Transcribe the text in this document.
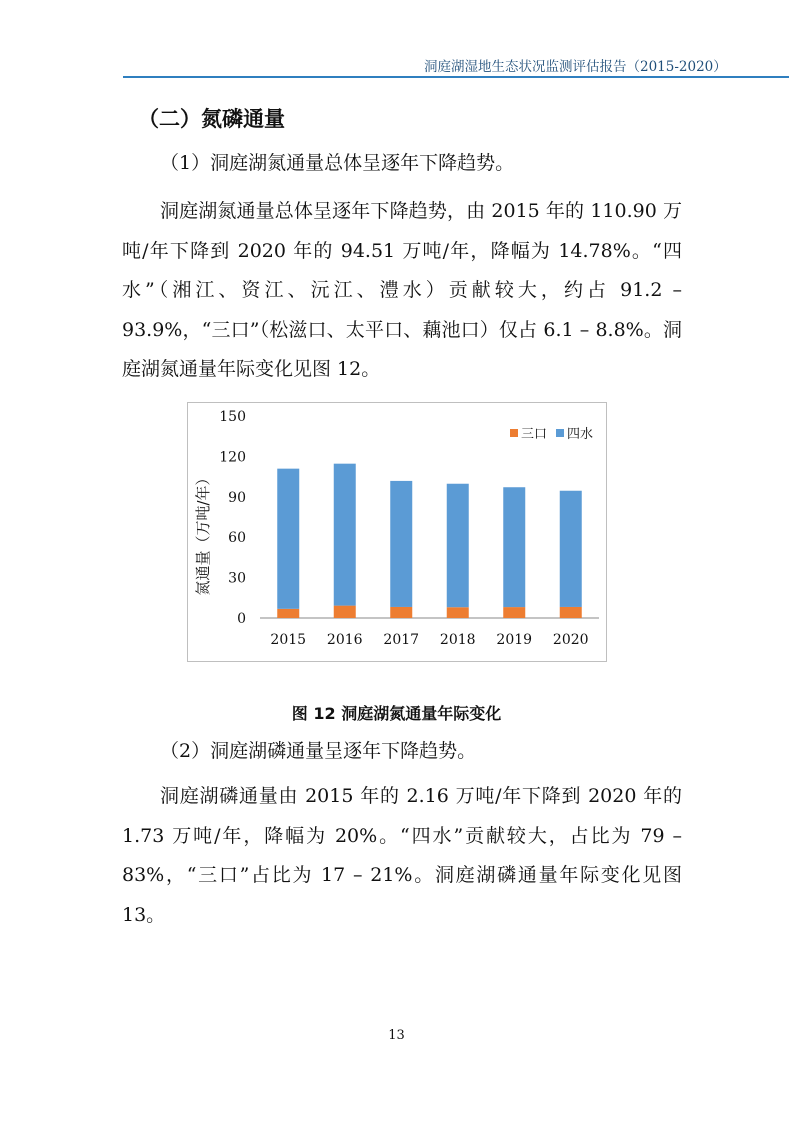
洞庭湖湿地生态状况监测评估报告（2015-2020）
（二）氮磷通量
（1）洞庭湖氮通量总体呈逐年下降趋势。
洞庭湖氮通量总体呈逐年下降趋势，由 2015 年的 110.90 万吨/年下降到 2020 年的 94.51 万吨/年，降幅为 14.78%。“四水”（湘江、资江、沅江、澧水）贡献较大，约占 91.2 – 93.9%，“三口”（松滋口、太平口、藕池口）仅占 6.1 – 8.8%。洞庭湖氮通量年际变化见图 12。
0
30
60
90
120
150
2015 2016 2017 2018 2019 2020
三口 四水
氮通量（万吨/年）
图 12 洞庭湖氮通量年际变化
（2）洞庭湖磷通量呈逐年下降趋势。
洞庭湖磷通量由 2015 年的 2.16 万吨/年下降到 2020 年的 1.73 万吨/年，降幅为 20%。“四水”贡献较大，占比为 79 – 83%，“三口”占比为 17 – 21%。洞庭湖磷通量年际变化见图 13。
13
